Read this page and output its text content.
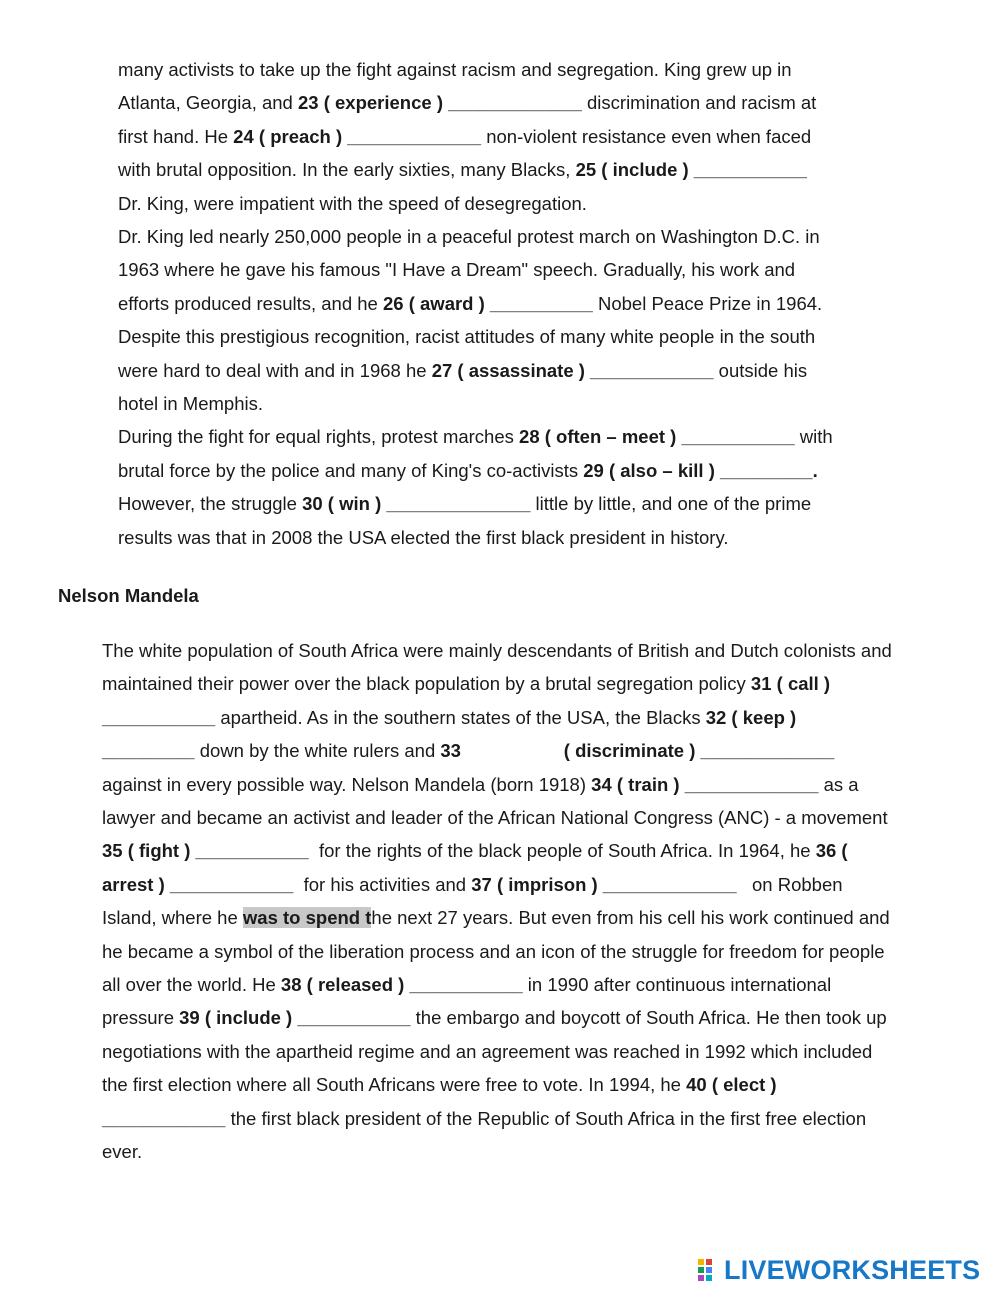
many activists to take up the fight against racism and segregation. King grew up in
Atlanta, Georgia, and 23 ( experience ) _____________ discrimination and racism at
first hand. He 24 ( preach ) _____________ non-violent resistance even when faced
with brutal opposition. In the early sixties, many Blacks, 25 ( include ) ___________
Dr. King, were impatient with the speed of desegregation.
Dr. King led nearly 250,000 people in a peaceful protest march on Washington D.C. in
1963 where he gave his famous "I Have a Dream" speech. Gradually, his work and
efforts produced results, and he 26 ( award ) __________ Nobel Peace Prize in 1964.
Despite this prestigious recognition, racist attitudes of many white people in the south
were hard to deal with and in 1968 he 27 ( assassinate ) ____________ outside his
hotel in Memphis.
During the fight for equal rights, protest marches 28 ( often – meet ) ___________ with
brutal force by the police and many of King's co-activists 29 ( also – kill ) _________.
However, the struggle 30 ( win ) ______________ little by little, and one of the prime
results was that in 2008 the USA elected the first black president in history.
Nelson Mandela
The white population of South Africa were mainly descendants of British and Dutch colonists and
maintained their power over the black population by a brutal segregation policy 31 ( call )
___________ apartheid. As in the southern states of the USA, the Blacks 32 ( keep )
_________ down by the white rulers and 33                    ( discriminate ) _____________
against in every possible way. Nelson Mandela (born 1918) 34 ( train ) _____________ as a
lawyer and became an activist and leader of the African National Congress (ANC) - a movement
35 ( fight ) ___________  for the rights of the black people of South Africa. In 1964, he 36 (
arrest ) ____________  for his activities and 37 ( imprison ) _____________   on Robben
Island, where he was to spend the next 27 years. But even from his cell his work continued and
he became a symbol of the liberation process and an icon of the struggle for freedom for people
all over the world. He 38 ( released ) ___________ in 1990 after continuous international
pressure 39 ( include ) ___________ the embargo and boycott of South Africa. He then took up
negotiations with the apartheid regime and an agreement was reached in 1992 which included
the first election where all South Africans were free to vote. In 1994, he 40 ( elect )
____________ the first black president of the Republic of South Africa in the first free election
ever.
LIVEWORKSHEETS
